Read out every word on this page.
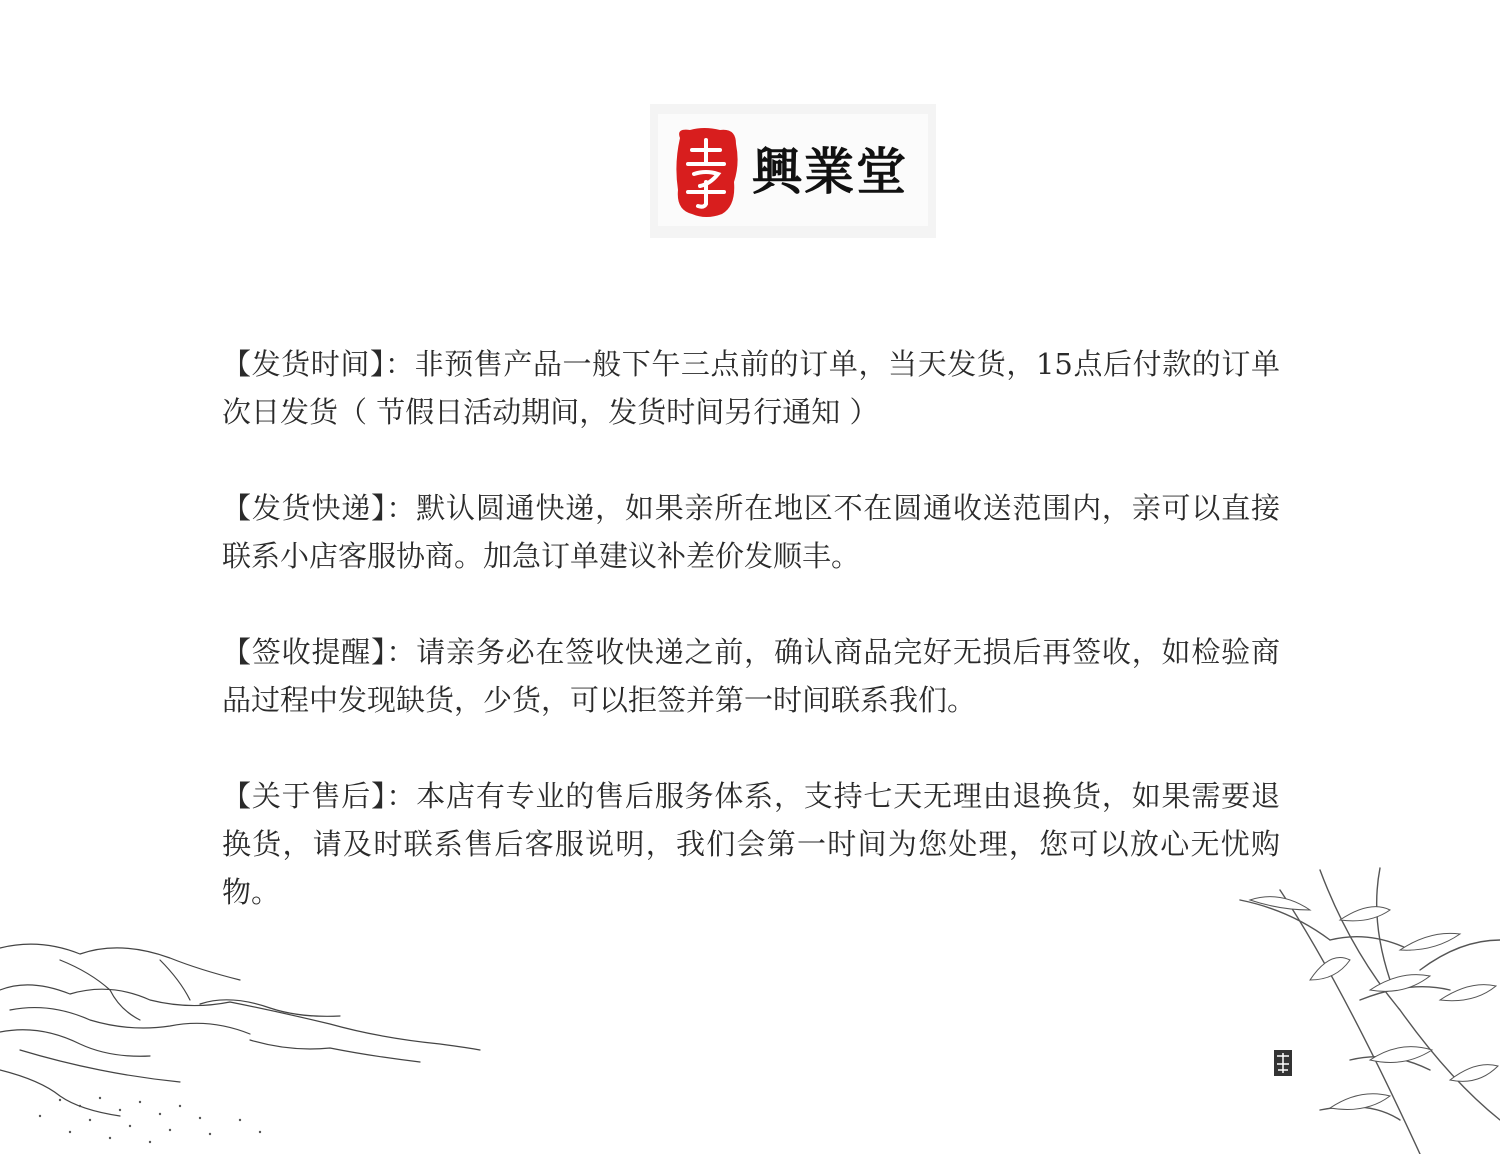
興業堂

【发货时间】：非预售产品一般下午三点前的订单，当天发货，15点后付款的订单次日发货（ 节假日活动期间，发货时间另行通知 ）

【发货快递】：默认圆通快递，如果亲所在地区不在圆通收送范围内，亲可以直接联系小店客服协商。加急订单建议补差价发顺丰。

【签收提醒】：请亲务必在签收快递之前，确认商品完好无损后再签收，如检验商品过程中发现缺货，少货，可以拒签并第一时间联系我们。

【关于售后】：本店有专业的售后服务体系，支持七天无理由退换货，如果需要退换货，请及时联系售后客服说明，我们会第一时间为您处理，您可以放心无忧购物。
